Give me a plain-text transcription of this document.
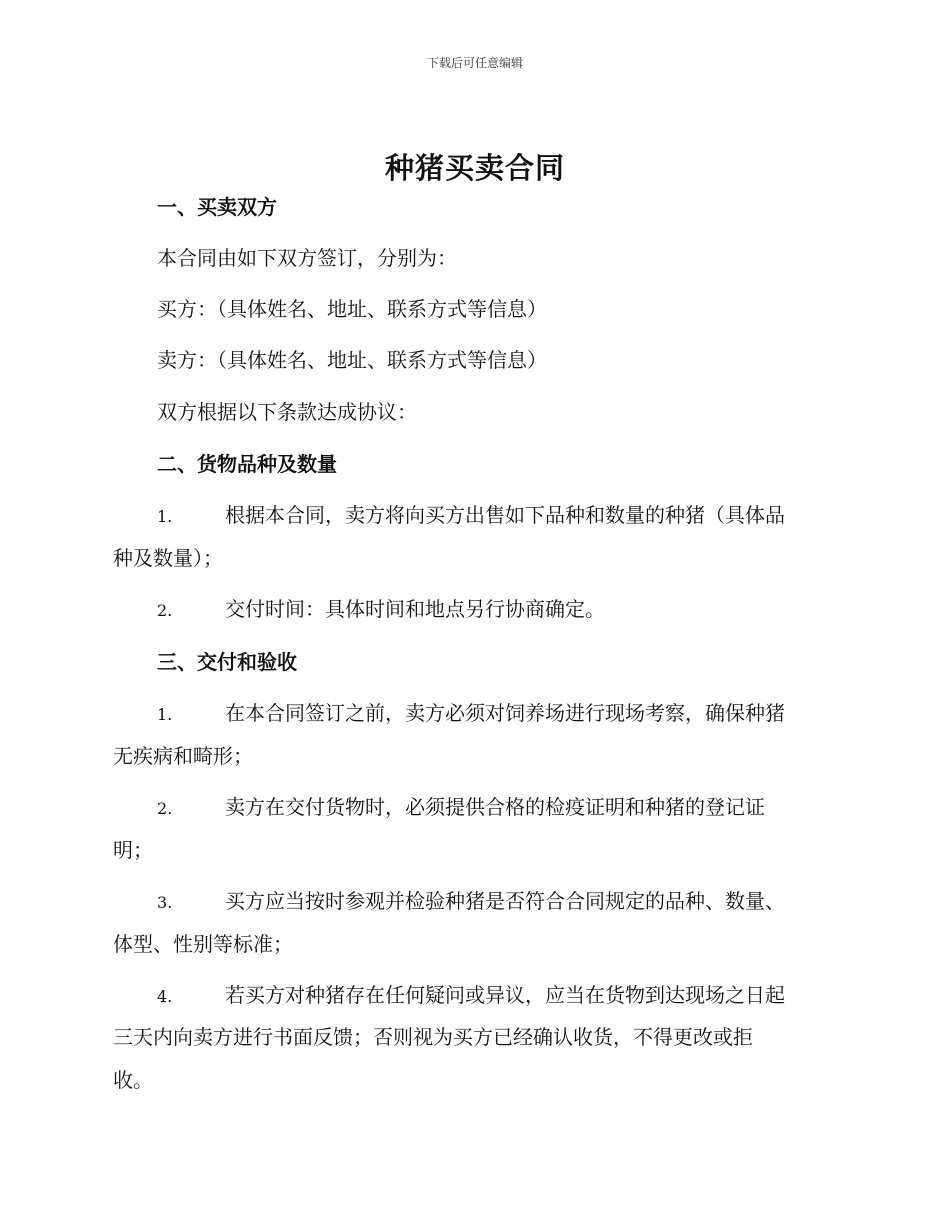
下载后可任意编辑
种猪买卖合同
一、买卖双方
本合同由如下双方签订，分别为：
买方：（具体姓名、地址、联系方式等信息）
卖方：（具体姓名、地址、联系方式等信息）
双方根据以下条款达成协议：
二、货物品种及数量
1.	根据本合同，卖方将向买方出售如下品种和数量的种猪（具体品
种及数量）；
2.	交付时间：具体时间和地点另行协商确定。
三、交付和验收
1.	在本合同签订之前，卖方必须对饲养场进行现场考察，确保种猪
无疾病和畸形；
2.	卖方在交付货物时，必须提供合格的检疫证明和种猪的登记证
明；
3.	买方应当按时参观并检验种猪是否符合合同规定的品种、数量、
体型、性别等标准；
4.	若买方对种猪存在任何疑问或异议，应当在货物到达现场之日起
三天内向卖方进行书面反馈；否则视为买方已经确认收货，不得更改或拒
收。
